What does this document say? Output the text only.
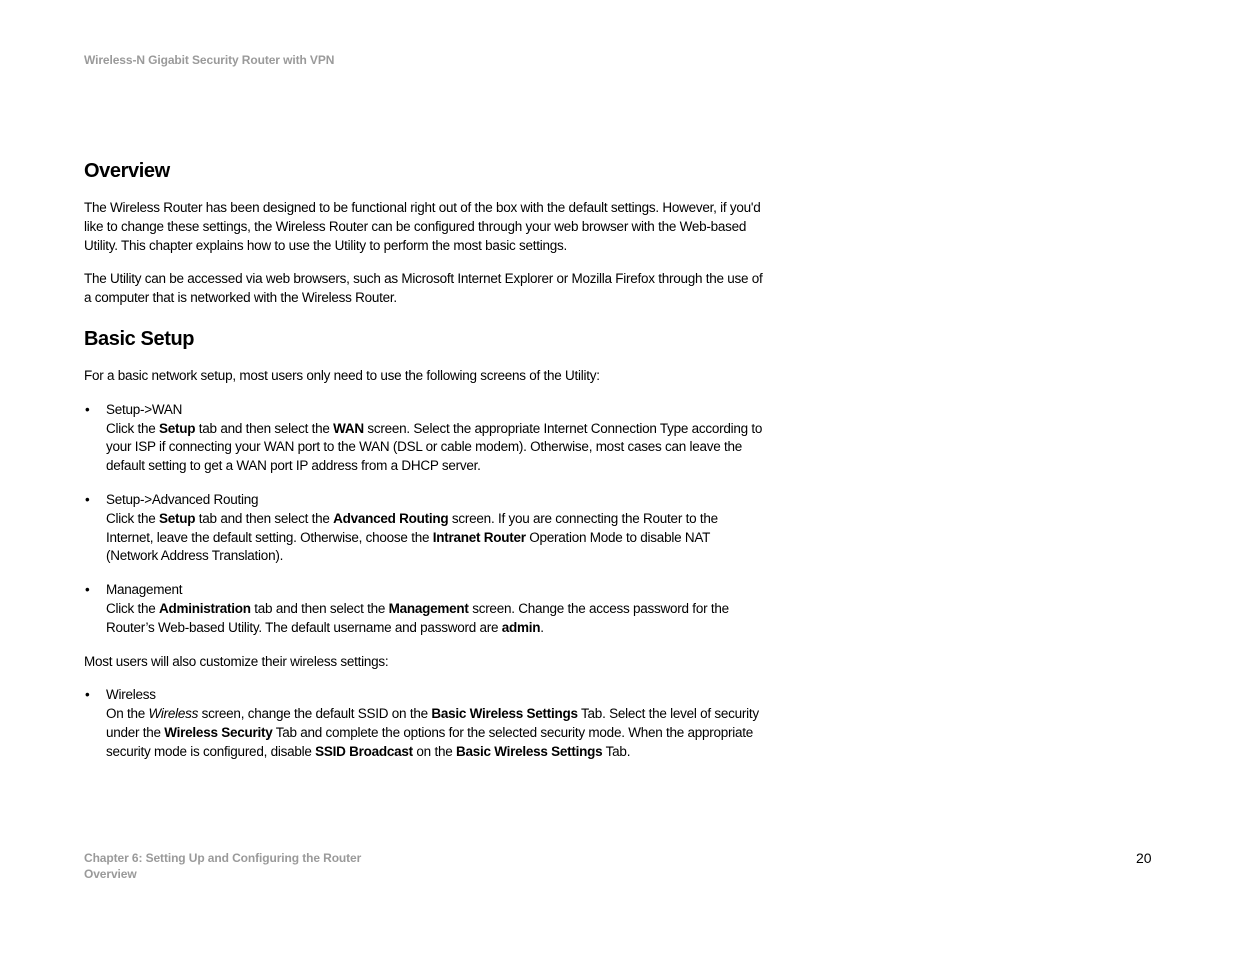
Wireless-N Gigabit Security Router with VPN
Overview

The Wireless Router has been designed to be functional right out of the box with the default settings. However, if you'd like to change these settings, the Wireless Router can be configured through your web browser with the Web-based Utility. This chapter explains how to use the Utility to perform the most basic settings.

The Utility can be accessed via web browsers, such as Microsoft Internet Explorer or Mozilla Firefox through the use of a computer that is networked with the Wireless Router.

Basic Setup

For a basic network setup, most users only need to use the following screens of the Utility:

• Setup->WAN
Click the Setup tab and then select the WAN screen. Select the appropriate Internet Connection Type according to your ISP if connecting your WAN port to the WAN (DSL or cable modem). Otherwise, most cases can leave the default setting to get a WAN port IP address from a DHCP server.
• Setup->Advanced Routing
Click the Setup tab and then select the Advanced Routing screen. If you are connecting the Router to the Internet, leave the default setting. Otherwise, choose the Intranet Router Operation Mode to disable NAT (Network Address Translation).
• Management
Click the Administration tab and then select the Management screen. Change the access password for the Router’s Web-based Utility. The default username and password are admin.

Most users will also customize their wireless settings:

• Wireless
On the Wireless screen, change the default SSID on the Basic Wireless Settings Tab. Select the level of security under the Wireless Security Tab and complete the options for the selected security mode. When the appropriate security mode is configured, disable SSID Broadcast on the Basic Wireless Settings Tab.
Chapter 6: Setting Up and Configuring the Router
Overview
20
